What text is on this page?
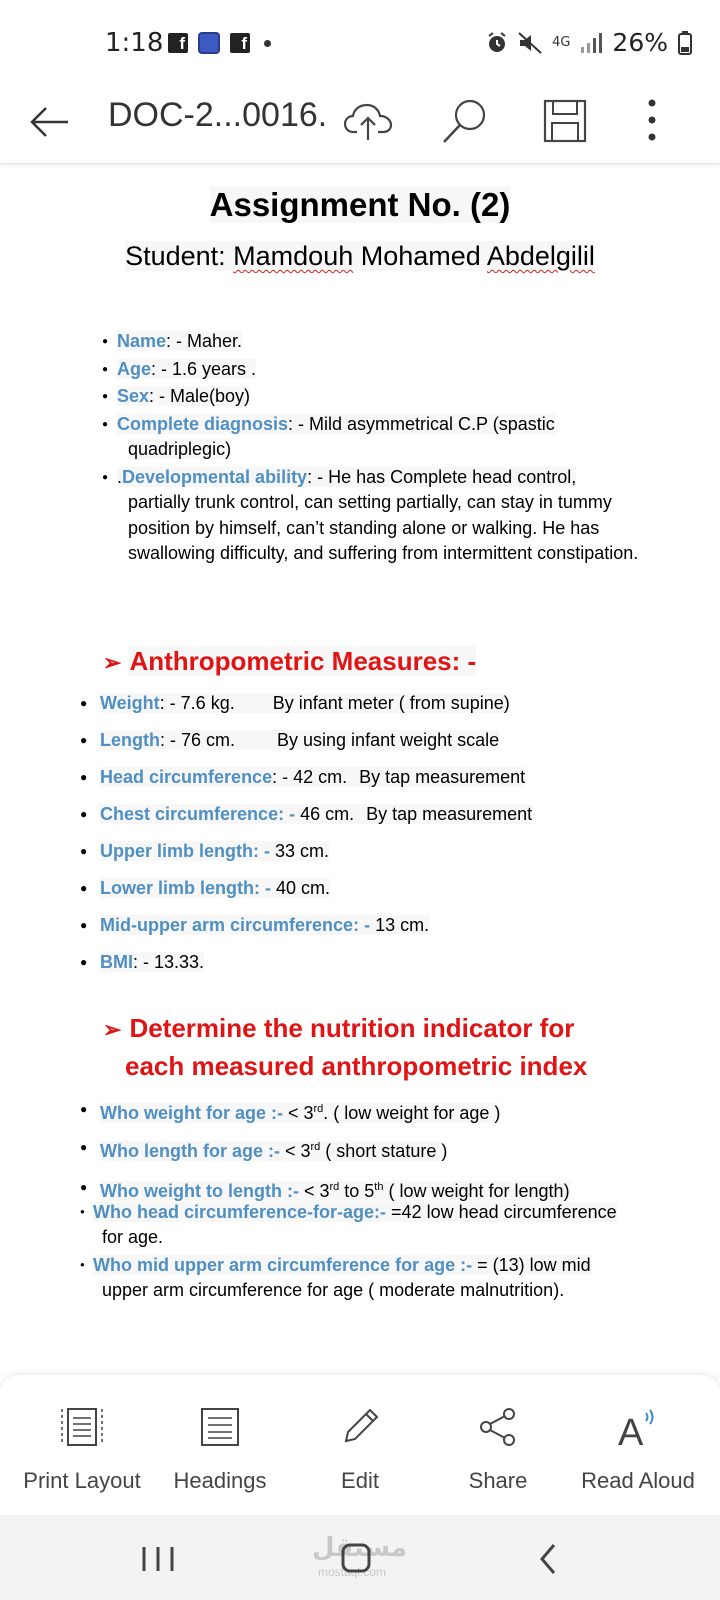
1:18 f	f	4G 26%
DOC-2...0016.
Assignment No. (2)
Student: Mamdouh Mohamed Abdelgilil
● Name: - Maher.
● Age: - 1.6 years .
● Sex: - Male(boy)
● Complete diagnosis: - Mild asymmetrical C.P (spastic
quadriplegic)
● .Developmental ability: - He has Complete head control,
partially trunk control, can setting partially, can stay in tummy position by himself, can’t standing alone or walking. He has swallowing difficulty, and suffering from intermittent constipation.
➢ Anthropometric Measures: -
● Weight: - 7.6 kg. By infant meter ( from supine)
● Length: - 76 cm. By using infant weight scale
● Head circumference: - 42 cm. By tap measurement
● Chest circumference: - 46 cm. By tap measurement
● Upper limb length: - 33 cm.
● Lower limb length: - 40 cm.
● Mid-upper arm circumference: - 13 cm.
● BMI: - 13.33.
➢ Determine the nutrition indicator for
each measured anthropometric index
● Who weight for age :- < 3rd. ( low weight for age )
● Who length for age :- < 3rd ( short stature )
● Who weight to length :- < 3rd to 5th ( low weight for length)
● Who head circumference-for-age:- =42 low head circumference
for age.
● Who mid upper arm circumference for age :- = (13) low mid
upper arm circumference for age ( moderate malnutrition).
Print Layout	Headings	Edit	Share
A
Read Aloud
مستقل
mostaql.com
